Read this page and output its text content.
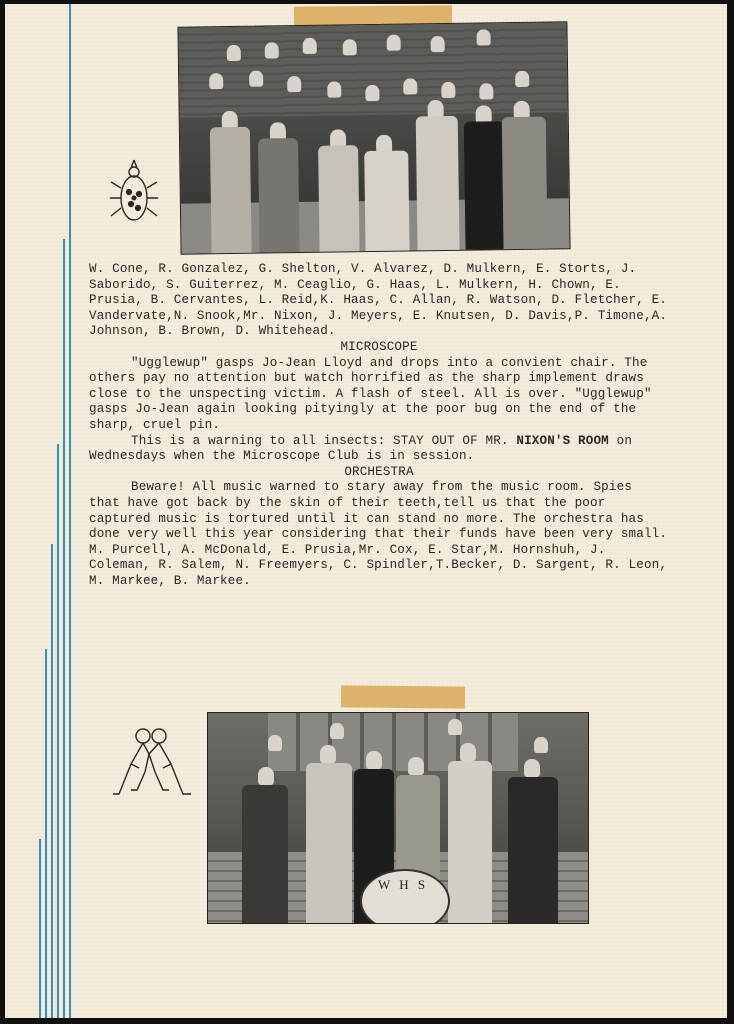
W. Cone, R. Gonzalez, G. Shelton, V. Alvarez, D. Mulkern, E. Storts, J. Saborido, S. Guiterrez, M. Ceaglio, G. Haas, L. Mulkern, H. Chown, E. Prusia, B. Cervantes, L. Reid,K. Haas, C. Allan, R. Watson, D. Fletcher, E. Vandervate,N. Snook,Mr. Nixon, J. Meyers, E. Knutsen, D. Davis,P. Timone,A. Johnson, B. Brown, D. Whitehead.

MICROSCOPE

"Ugglewup" gasps Jo-Jean Lloyd and drops into a convient chair. The others pay no attention but watch horrified as the sharp implement draws close to the unspecting victim. A flash of steel. All is over. "Ugglewup" gasps Jo-Jean again looking pityingly at the poor bug on the end of the sharp, cruel pin.

This is a warning to all insects: STAY OUT OF MR. NIXON'S ROOM on Wednesdays when the Microscope Club is in session.

ORCHESTRA

Beware! All music warned to stary away from the music room. Spies that have got back by the skin of their teeth,tell us that the poor captured music is tortured until it can stand no more. The orchestra has done very well this year considering that their funds have been very small.

M. Purcell, A. McDonald, E. Prusia,Mr. Cox, E. Star,M. Hornshuh, J. Coleman, R. Salem, N. Freemyers, C. Spindler,T.Becker, D. Sargent, R. Leon, M. Markee, B. Markee.

W H S
